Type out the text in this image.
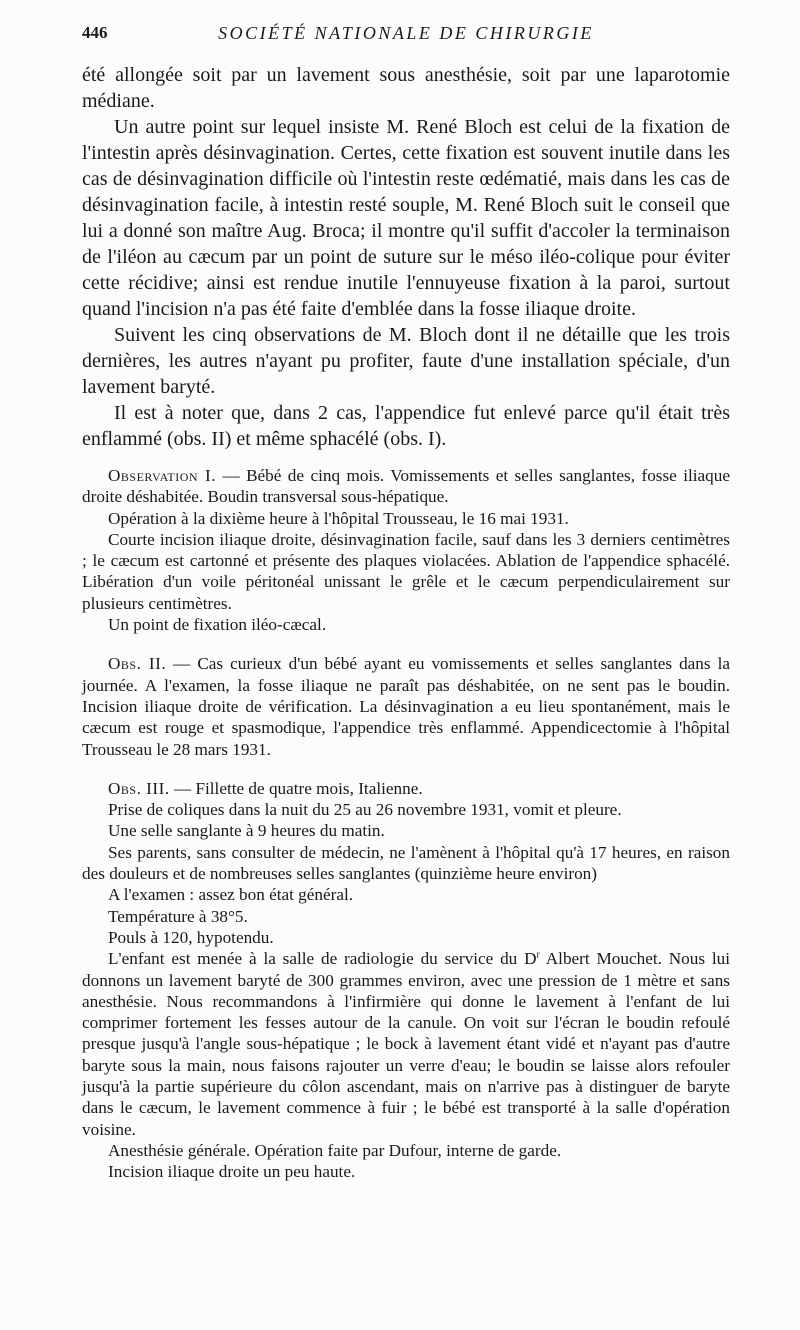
446	SOCIÉTÉ NATIONALE DE CHIRURGIE

été allongée soit par un lavement sous anesthésie, soit par une laparotomie médiane.

Un autre point sur lequel insiste M. René Bloch est celui de la fixation de l'intestin après désinvagination. Certes, cette fixation est souvent inutile dans les cas de désinvagination difficile où l'intestin reste œdématié, mais dans les cas de désinvagination facile, à intestin resté souple, M. René Bloch suit le conseil que lui a donné son maître Aug. Broca; il montre qu'il suffit d'accoler la terminaison de l'iléon au cæcum par un point de suture sur le méso iléo-colique pour éviter cette récidive; ainsi est rendue inutile l'ennuyeuse fixation à la paroi, surtout quand l'incision n'a pas été faite d'emblée dans la fosse iliaque droite.

Suivent les cinq observations de M. Bloch dont il ne détaille que les trois dernières, les autres n'ayant pu profiter, faute d'une installation spéciale, d'un lavement baryté.

Il est à noter que, dans 2 cas, l'appendice fut enlevé parce qu'il était très enflammé (obs. II) et même sphacélé (obs. I).

Observation I. — Bébé de cinq mois. Vomissements et selles sanglantes, fosse iliaque droite déshabitée. Boudin transversal sous-hépatique.

Opération à la dixième heure à l'hôpital Trousseau, le 16 mai 1931.

Courte incision iliaque droite, désinvagination facile, sauf dans les 3 derniers centimètres ; le cæcum est cartonné et présente des plaques violacées. Ablation de l'appendice sphacélé. Libération d'un voile péritonéal unissant le grêle et le cæcum perpendiculairement sur plusieurs centimètres.

Un point de fixation iléo-cæcal.

Obs. II. — Cas curieux d'un bébé ayant eu vomissements et selles sanglantes dans la journée. A l'examen, la fosse iliaque ne paraît pas déshabitée, on ne sent pas le boudin. Incision iliaque droite de vérification. La désinvagination a eu lieu spontanément, mais le cæcum est rouge et spasmodique, l'appendice très enflammé. Appendicectomie à l'hôpital Trousseau le 28 mars 1931.

Obs. III. — Fillette de quatre mois, Italienne.

Prise de coliques dans la nuit du 25 au 26 novembre 1931, vomit et pleure.

Une selle sanglante à 9 heures du matin.

Ses parents, sans consulter de médecin, ne l'amènent à l'hôpital qu'à 17 heures, en raison des douleurs et de nombreuses selles sanglantes (quinzième heure environ)

A l'examen : assez bon état général.

Température à 38°5.

Pouls à 120, hypotendu.

L'enfant est menée à la salle de radiologie du service du $D^r$ Albert Mouchet. Nous lui donnons un lavement baryté de 300 grammes environ, avec une pression de 1 mètre et sans anesthésie. Nous recommandons à l'infirmière qui donne le lavement à l'enfant de lui comprimer fortement les fesses autour de la canule. On voit sur l'écran le boudin refoulé presque jusqu'à l'angle sous-hépatique ; le bock à lavement étant vidé et n'ayant pas d'autre baryte sous la main, nous faisons rajouter un verre d'eau; le boudin se laisse alors refouler jusqu'à la partie supérieure du côlon ascendant, mais on n'arrive pas à distinguer de baryte dans le cæcum, le lavement commence à fuir ; le bébé est transporté à la salle d'opération voisine.

Anesthésie générale. Opération faite par Dufour, interne de garde.

Incision iliaque droite un peu haute.
